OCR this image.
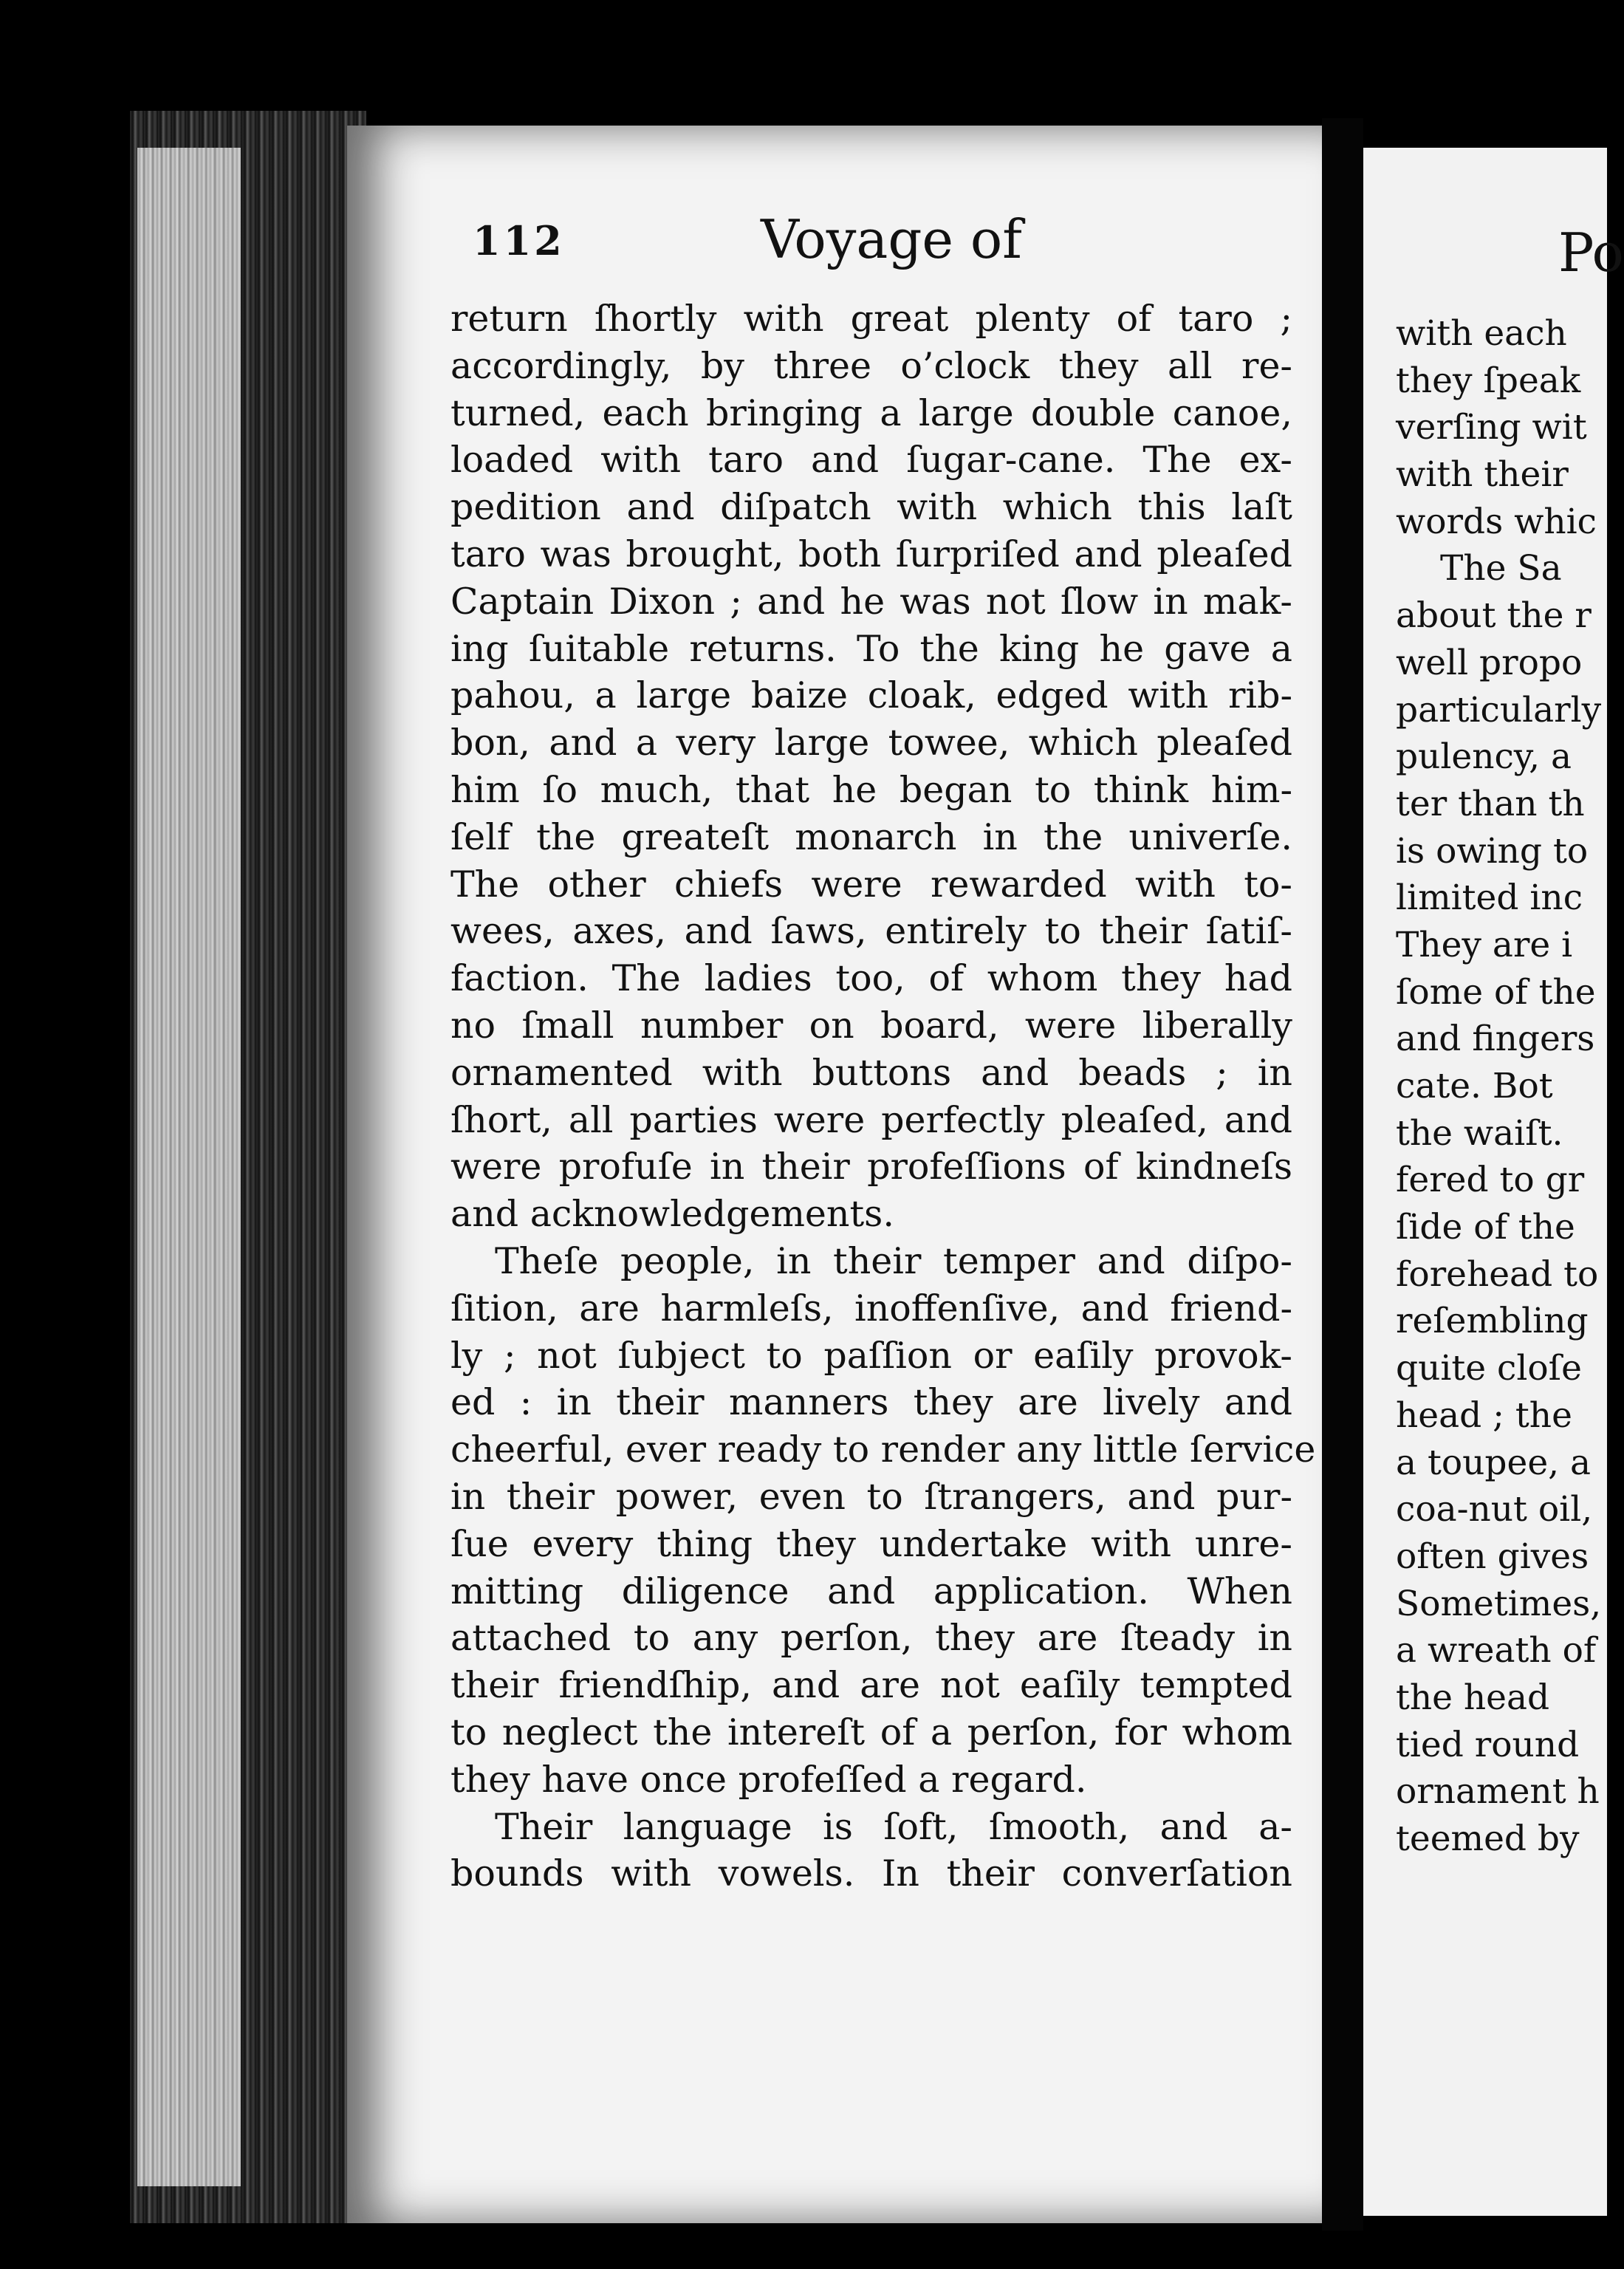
112	Voyage of
return ſhortly with great plenty of taro ;
accordingly, by three o’clock they all re-
turned, each bringing a large double canoe,
loaded with taro and ſugar-cane. The ex-
pedition and diſpatch with which this laſt
taro was brought, both ſurpriſed and pleaſed
Captain Dixon ; and he was not ſlow in mak-
ing ſuitable returns. To the king he gave a
pahou, a large baize cloak, edged with rib-
bon, and a very large towee, which pleaſed
him ſo much, that he began to think him-
ſelf the greateſt monarch in the univerſe.
The other chiefs were rewarded with to-
wees, axes, and ſaws, entirely to their ſatiſ-
faction. The ladies too, of whom they had
no ſmall number on board, were liberally
ornamented with buttons and beads ; in
ſhort, all parties were perfectly pleaſed, and
were profuſe in their profeſſions of kindneſs
and acknowledgements.
Theſe people, in their temper and diſpo-
ſition, are harmleſs, inoffenſive, and friend-
ly ; not ſubject to paſſion or eaſily provok-
ed : in their manners they are lively and
cheerful, ever ready to render any little ſervice
in their power, even to ſtrangers, and pur-
ſue every thing they undertake with unre-
mitting diligence and application. When
attached to any perſon, they are ſteady in
their friendſhip, and are not eaſily tempted
to neglect the intereſt of a perſon, for whom
they have once profeſſed a regard.
Their language is ſoft, ſmooth, and a-
bounds with vowels. In their converſation
Po
with each
they ſpeak
verſing wit
with their
words whic
The Sa
about the r
well propo
particularly
pulency, a
ter than th
is owing to
limited inc
They are i
ſome of the
and fingers
cate. Bot
the waiſt.
fered to gr
ſide of the
forehead to
reſembling
quite cloſe
head ; the
a toupee, a
coa-nut oil,
often gives
Sometimes,
a wreath of
the head
tied round
ornament h
teemed by
